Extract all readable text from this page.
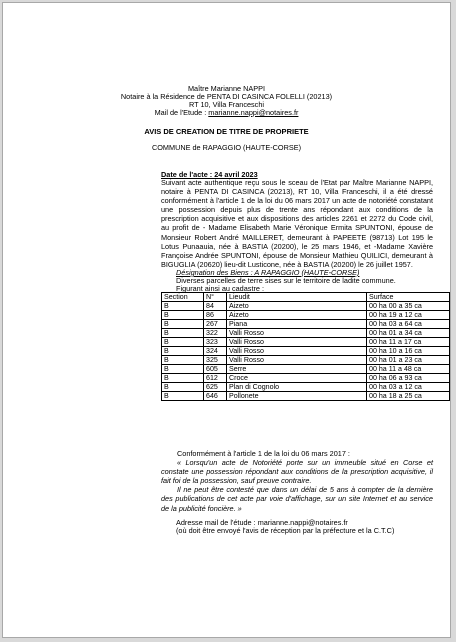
Maître Marianne NAPPI
Notaire à la Résidence de PENTA DI CASINCA FOLELLI (20213)
RT 10, Villa Franceschi
Mail de l'Etude : marianne.nappi@notaires.fr
AVIS DE CREATION DE TITRE DE PROPRIETE
COMMUNE de RAPAGGIO (HAUTE-CORSE)
Date de l'acte : 24 avril 2023

Suivant acte authentique reçu sous le sceau de l'Etat par Maître Marianne NAPPI, notaire à PENTA DI CASINCA (20213), RT 10, Villa Franceschi, il a été dressé conformément à l'article 1 de la loi du 06 mars 2017 un acte de notoriété constatant une possession depuis plus de trente ans répondant aux conditions de la prescription acquisitive et aux dispositions des articles 2261 et 2272 du Code civil, au profit de - Madame Elisabeth Marie Véronique Ermita SPUNTONI, épouse de Monsieur Robert André MAILLERET, demeurant à PAPEETE (98713) Lot 195 le Lotus Punaauia, née à BASTIA (20200), le 25 mars 1946, et -Madame Xavière Françoise Andrée SPUNTONI, épouse de Monsieur Mathieu QUILICI, demeurant à BIGUGLIA (20620) lieu-dit Lusticone, née à BASTIA (20200) le 26 juillet 1957.

Désignation des Biens : A RAPAGGIO (HAUTE-CORSE)
Diverses parcelles de terre sises sur le territoire de ladite commune.
Figurant ainsi au cadastre :
Section	N°	Lieudit	Surface
B	84	Aizeto	00 ha 00 a 35 ca
B	86	Aizeto	00 ha 19 a 12 ca
B	267	Piana	00 ha 03 a 64 ca
B	322	Valli Rosso	00 ha 01 a 34 ca
B	323	Valli Rosso	00 ha 11 a 17 ca
B	324	Valli Rosso	00 ha 10 a 16 ca
B	325	Valli Rosso	00 ha 01 a 23 ca
B	605	Serre	00 ha 11 a 48 ca
B	612	Croce	00 ha 06 a 93 ca
B	625	Plan di Cognolo	00 ha 03 a 12 ca
B	646	Pollonete	00 ha 18 a 25 ca

Conformément à l'article 1 de la loi du 06 mars 2017 :

« Lorsqu'un acte de Notoriété porte sur un immeuble situé en Corse et constate une possession répondant aux conditions de la prescription acquisitive, il fait foi de la possession, sauf preuve contraire.

Il ne peut être contesté que dans un délai de 5 ans à compter de la dernière des publications de cet acte par voie d'affichage, sur un site Internet et au service de la publicité foncière. »

Adresse mail de l'étude : marianne.nappi@notaires.fr
(où doit être envoyé l'avis de réception par la préfecture et la C.T.C)
